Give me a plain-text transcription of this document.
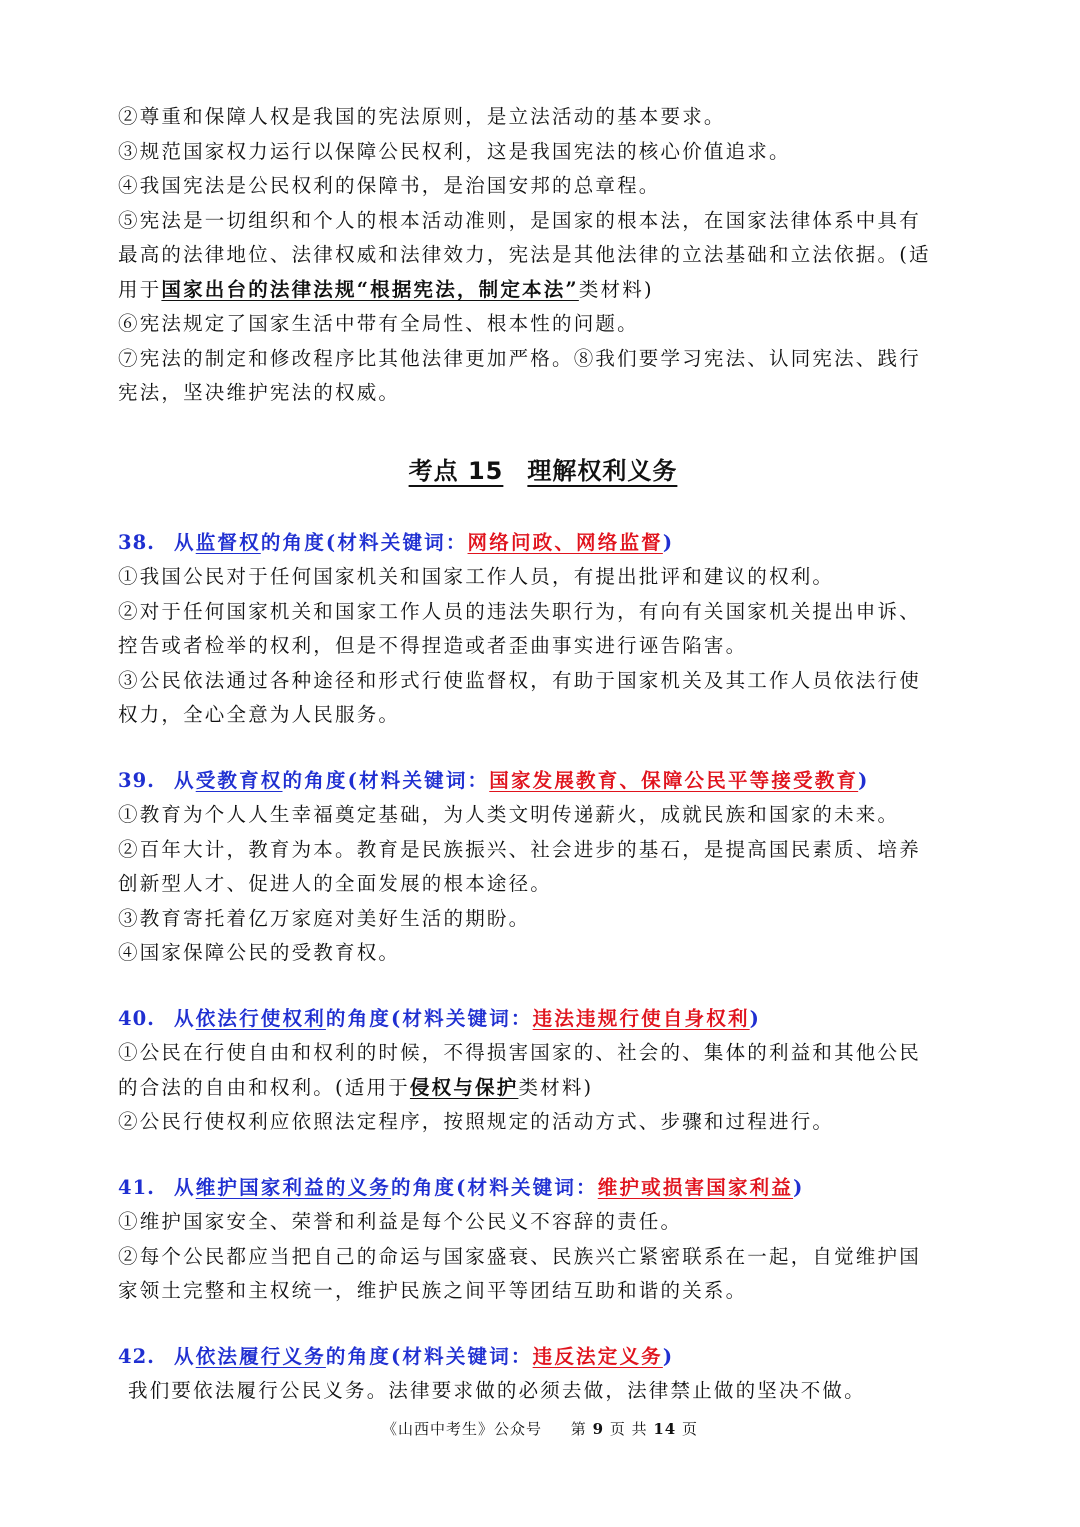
②尊重和保障人权是我国的宪法原则，是立法活动的基本要求。

③规范国家权力运行以保障公民权利，这是我国宪法的核心价值追求。

④我国宪法是公民权利的保障书，是治国安邦的总章程。

⑤宪法是一切组织和个人的根本活动准则，是国家的根本法，在国家法律体系中具有

最高的法律地位、法律权威和法律效力，宪法是其他法律的立法基础和立法依据。(适

用于国家出台的法律法规“根据宪法，制定本法”类材料)

⑥宪法规定了国家生活中带有全局性、根本性的问题。

⑦宪法的制定和修改程序比其他法律更加严格。⑧我们要学习宪法、认同宪法、践行

宪法，坚决维护宪法的权威。

考点 15 理解权利义务

38. 从监督权的角度(材料关键词：网络问政、网络监督)

①我国公民对于任何国家机关和国家工作人员，有提出批评和建议的权利。

②对于任何国家机关和国家工作人员的违法失职行为，有向有关国家机关提出申诉、

控告或者检举的权利，但是不得捏造或者歪曲事实进行诬告陷害。

③公民依法通过各种途径和形式行使监督权，有助于国家机关及其工作人员依法行使

权力，全心全意为人民服务。

39. 从受教育权的角度(材料关键词：国家发展教育、保障公民平等接受教育)

①教育为个人人生幸福奠定基础，为人类文明传递薪火，成就民族和国家的未来。

②百年大计，教育为本。教育是民族振兴、社会进步的基石，是提高国民素质、培养

创新型人才、促进人的全面发展的根本途径。

③教育寄托着亿万家庭对美好生活的期盼。

④国家保障公民的受教育权。

40. 从依法行使权利的角度(材料关键词：违法违规行使自身权利)

①公民在行使自由和权利的时候，不得损害国家的、社会的、集体的利益和其他公民

的合法的自由和权利。(适用于侵权与保护类材料)

②公民行使权利应依照法定程序，按照规定的活动方式、步骤和过程进行。

41. 从维护国家利益的义务的角度(材料关键词：维护或损害国家利益)

①维护国家安全、荣誉和利益是每个公民义不容辞的责任。

②每个公民都应当把自己的命运与国家盛衰、民族兴亡紧密联系在一起，自觉维护国

家领土完整和主权统一，维护民族之间平等团结互助和谐的关系。

42. 从依法履行义务的角度(材料关键词：违反法定义务)

我们要依法履行公民义务。法律要求做的必须去做，法律禁止做的坚决不做。

《山西中考生》公众号 第 9 页 共 14 页
